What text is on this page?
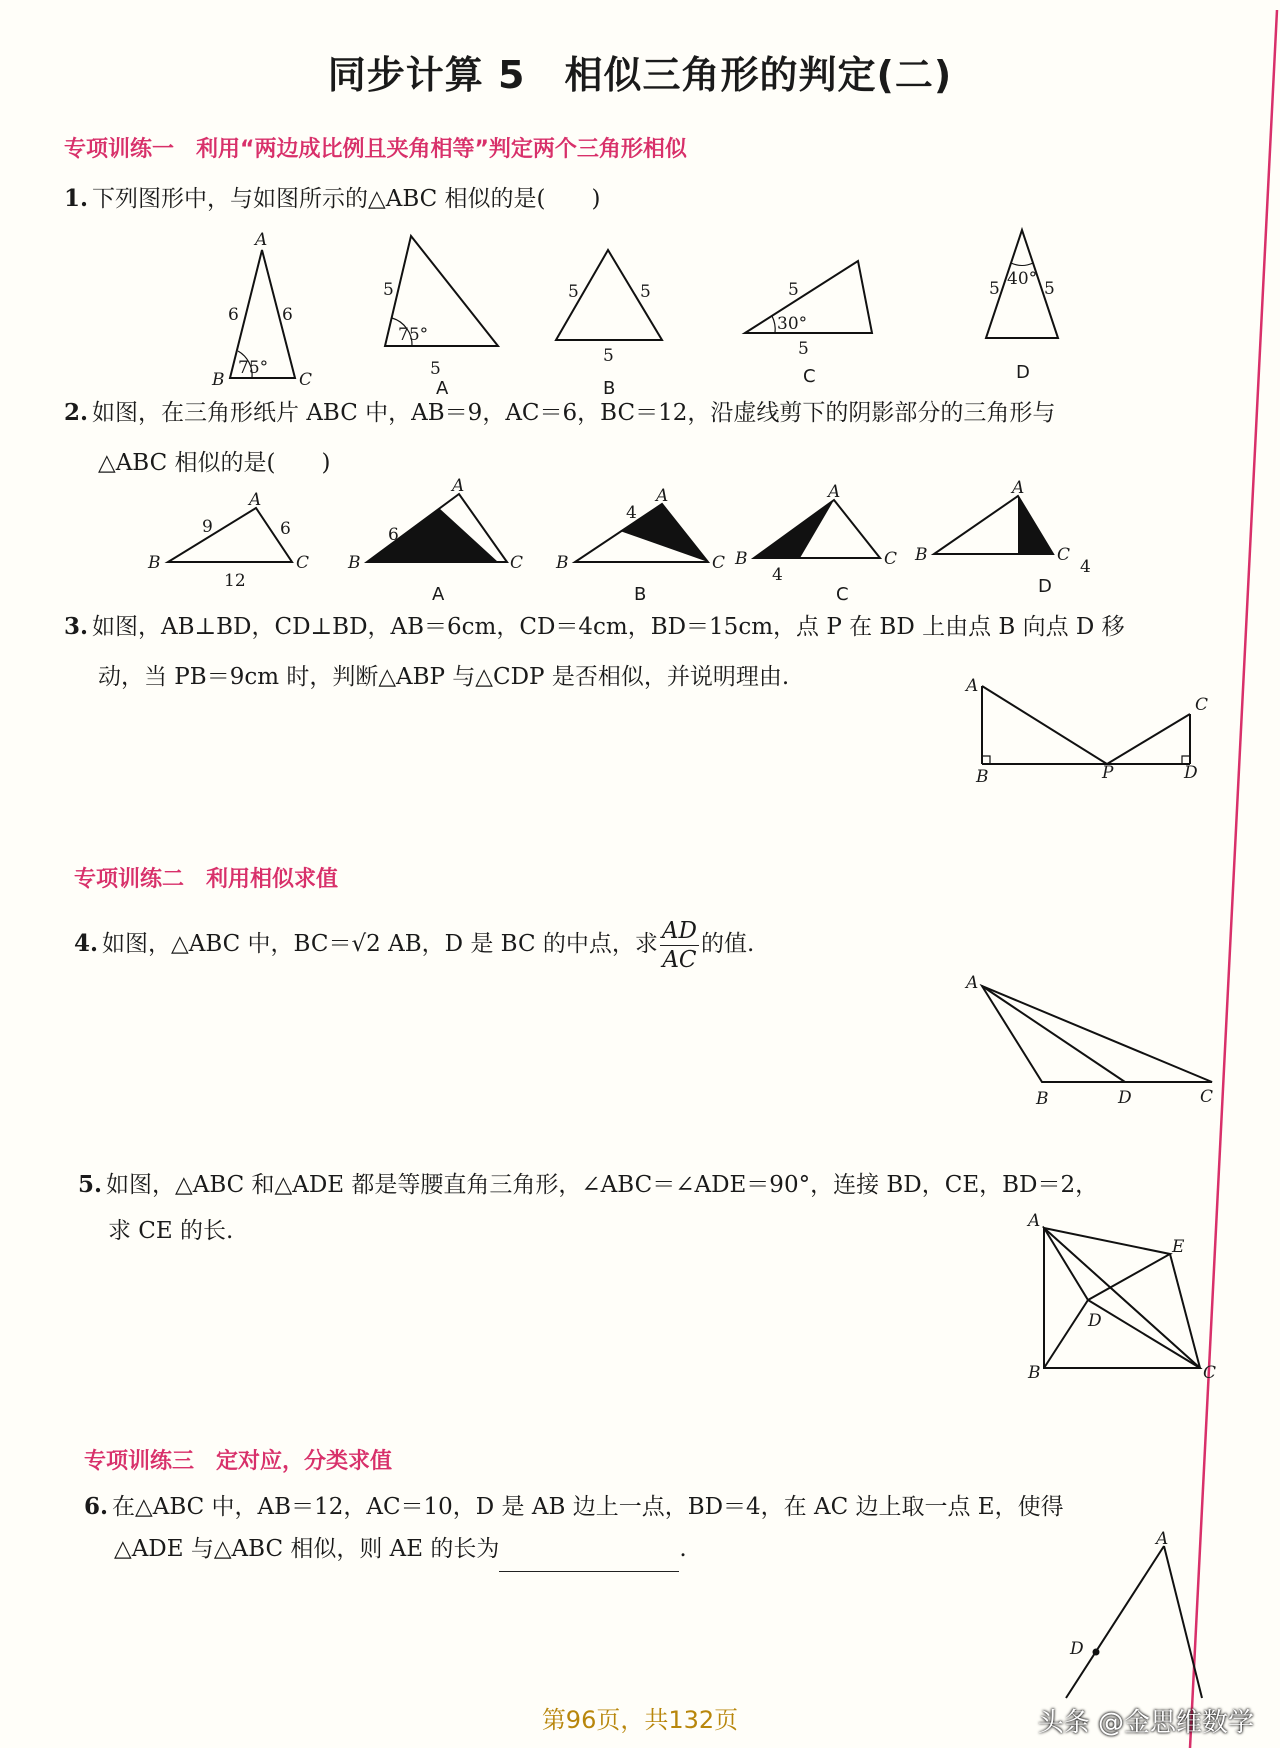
同步计算 5　相似三角形的判定(二)
专项训练一　利用“两边成比例且夹角相等”判定两个三角形相似
1. 下列图形中，与如图所示的△ABC 相似的是(　　)
A
B	C
6	6
75°
5
5
75°
A
5	5
5
B
5
5
30°
C
5	5
40°
D
2. 如图，在三角形纸片 ABC 中，AB＝9，AC＝6，BC＝12，沿虚线剪下的阴影部分的三角形与
△ABC 相似的是(　　)
A
B	C
9	6
12
A
B	C
6
A
A
B	C
4
B
A
B	C
4
C
A
B	C
4
D
3. 如图，AB⊥BD，CD⊥BD，AB＝6cm，CD＝4cm，BD＝15cm，点 P 在 BD 上由点 B 向点 D 移
动，当 PB＝9cm 时，判断△ABP 与△CDP 是否相似，并说明理由.	A
B
C
D
P
专项训练二　利用相似求值
4. 如图，△ABC 中，BC＝√2 AB，D 是 BC 的中点，求 $\frac{AD}{AC}$ 的值.
A
B	D	C
5. 如图，△ABC 和△ADE 都是等腰直角三角形，∠ABC＝∠ADE＝90°，连接 BD，CE，BD＝2，
求 CE 的长.	A
B	C
D
E
专项训练三　定对应，分类求值
6. 在△ABC 中，AB＝12，AC＝10，D 是 AB 边上一点，BD＝4，在 AC 边上取一点 E，使得
△ADE 与△ABC 相似，则 AE 的长为	.	A
D
第96页，共132页	头条 @金思维数学
